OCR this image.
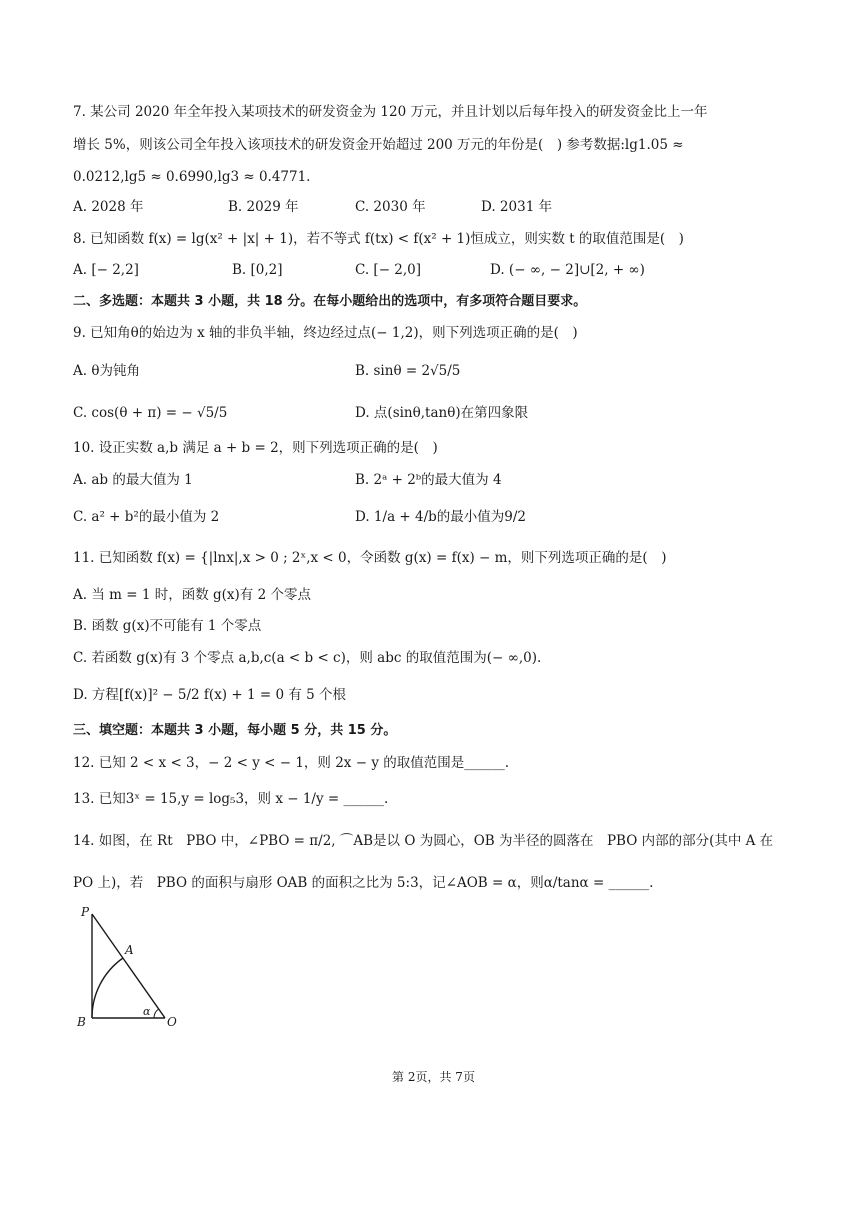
7. 某公司 2020 年全年投入某项技术的研发资金为 120 万元，并且计划以后每年投入的研发资金比上一年
增长 5%，则该公司全年投入该项技术的研发资金开始超过 200 万元的年份是(　) 参考数据:lg1.05 ≈
0.0212,lg5 ≈ 0.6990,lg3 ≈ 0.4771.
A. 2028 年	B. 2029 年	C. 2030 年	D. 2031 年
8. 已知函数 f(x) = lg(x² + |x| + 1)，若不等式 f(tx) < f(x² + 1)恒成立，则实数 t 的取值范围是(　)
A. [− 2,2]	B. [0,2]	C. [− 2,0]	D. (− ∞, − 2]∪[2, + ∞)
二、多选题：本题共 3 小题，共 18 分。在每小题给出的选项中，有多项符合题目要求。
9. 已知角θ的始边为 x 轴的非负半轴，终边经过点(− 1,2)，则下列选项正确的是(　)
A. θ为钝角	B. sinθ = 2√5/5
C. cos(θ + π) = − √5/5	D. 点(sinθ,tanθ)在第四象限
10. 设正实数 a,b 满足 a + b = 2，则下列选项正确的是(　)
A. ab 的最大值为 1	B. 2ᵃ + 2ᵇ的最大值为 4
C. a² + b²的最小值为 2	D. 1/a + 4/b的最小值为9/2
11. 已知函数 f(x) = {|lnx|,x > 0 ; 2ˣ,x < 0，令函数 g(x) = f(x) − m，则下列选项正确的是(　)
A. 当 m = 1 时，函数 g(x)有 2 个零点
B. 函数 g(x)不可能有 1 个零点
C. 若函数 g(x)有 3 个零点 a,b,c(a < b < c)，则 abc 的取值范围为(− ∞,0).
D. 方程[f(x)]² − 5/2 f(x) + 1 = 0 有 5 个根
三、填空题：本题共 3 小题，每小题 5 分，共 15 分。
12. 已知 2 < x < 3，− 2 < y < − 1，则 2x − y 的取值范围是______.
13. 已知3ˣ = 15,y = log₅3，则 x − 1/y = ______.
14. 如图，在 Rt　PBO 中，∠PBO = π/2, ⌒AB是以 O 为圆心，OB 为半径的圆落在　PBO 内部的部分(其中 A 在
PO 上)，若　PBO 的面积与扇形 OAB 的面积之比为 5:3，记∠AOB = α，则α/tanα = ______.
P
A
B	O
α
第 2页，共 7页
